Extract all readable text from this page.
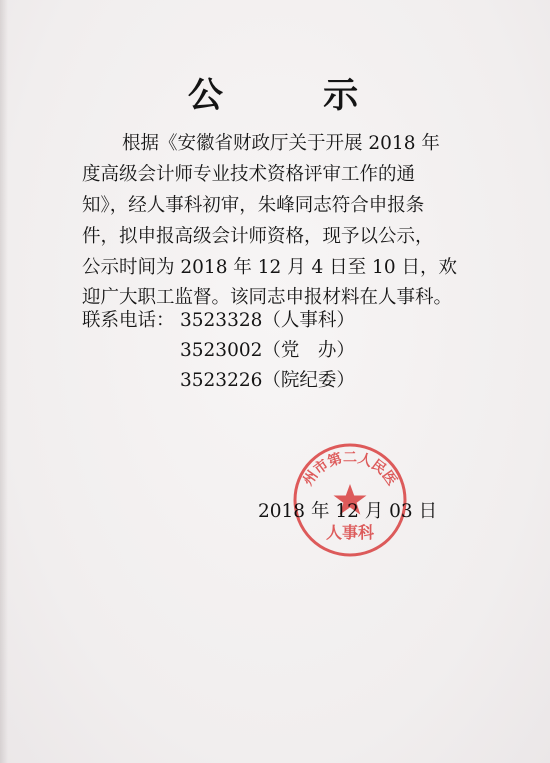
公 示
根据《安徽省财政厅关于开展 2018 年
度高级会计师专业技术资格评审工作的通
知》，经人事科初审，朱峰同志符合申报条
件，拟申报高级会计师资格，现予以公示，
公示时间为 2018 年 12 月 4 日至 10 日，欢
迎广大职工监督。该同志申报材料在人事科。
联系电话： 3523328（人事科）
3523002（党　办）
3523226（院纪委）
2018 年 12 月 03 日
州市第二人民医
人事科
